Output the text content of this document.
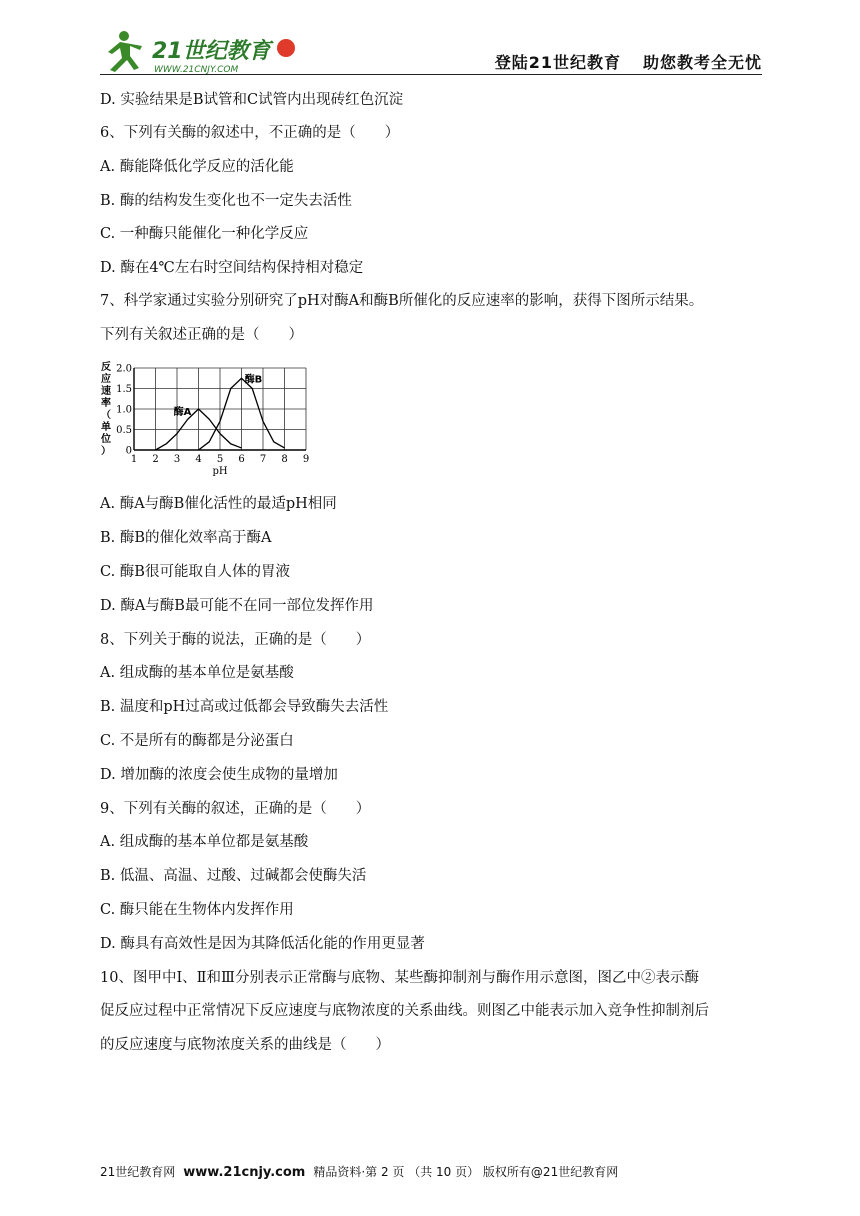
21世纪教育
WWW.21CNJY.COM	登陆21世纪教育 助您教考全无忧
D. 实验结果是B试管和C试管内出现砖红色沉淀
6、下列有关酶的叙述中，不正确的是（　　）
A. 酶能降低化学反应的活化能
B. 酶的结构发生变化也不一定失去活性
C. 一种酶只能催化一种化学反应
D. 酶在4℃左右时空间结构保持相对稳定
7、科学家通过实验分别研究了pH对酶A和酶B所催化的反应速率的影响，获得下图所示结果。
下列有关叙述正确的是（　　）
1 2 3 4 5 6 7 8 9
0
0.5
1.0
1.5
2.0
pH
反
应
速
率
（
单
位
）
酶A
酶B
A. 酶A与酶B催化活性的最适pH相同
B. 酶B的催化效率高于酶A
C. 酶B很可能取自人体的胃液
D. 酶A与酶B最可能不在同一部位发挥作用
8、下列关于酶的说法，正确的是（　　）
A. 组成酶的基本单位是氨基酸
B. 温度和pH过高或过低都会导致酶失去活性
C. 不是所有的酶都是分泌蛋白
D. 增加酶的浓度会使生成物的量增加
9、下列有关酶的叙述，正确的是（　　）
A. 组成酶的基本单位都是氨基酸
B. 低温、高温、过酸、过碱都会使酶失活
C. 酶只能在生物体内发挥作用
D. 酶具有高效性是因为其降低活化能的作用更显著
10、图甲中Ⅰ、Ⅱ和Ⅲ分别表示正常酶与底物、某些酶抑制剂与酶作用示意图，图乙中②表示酶
促反应过程中正常情况下反应速度与底物浓度的关系曲线。则图乙中能表示加入竞争性抑制剂后
的反应速度与底物浓度关系的曲线是（　　）
21世纪教育网 www.21cnjy.com 精品资料·第 2 页 （共 10 页） 版权所有@21世纪教育网
